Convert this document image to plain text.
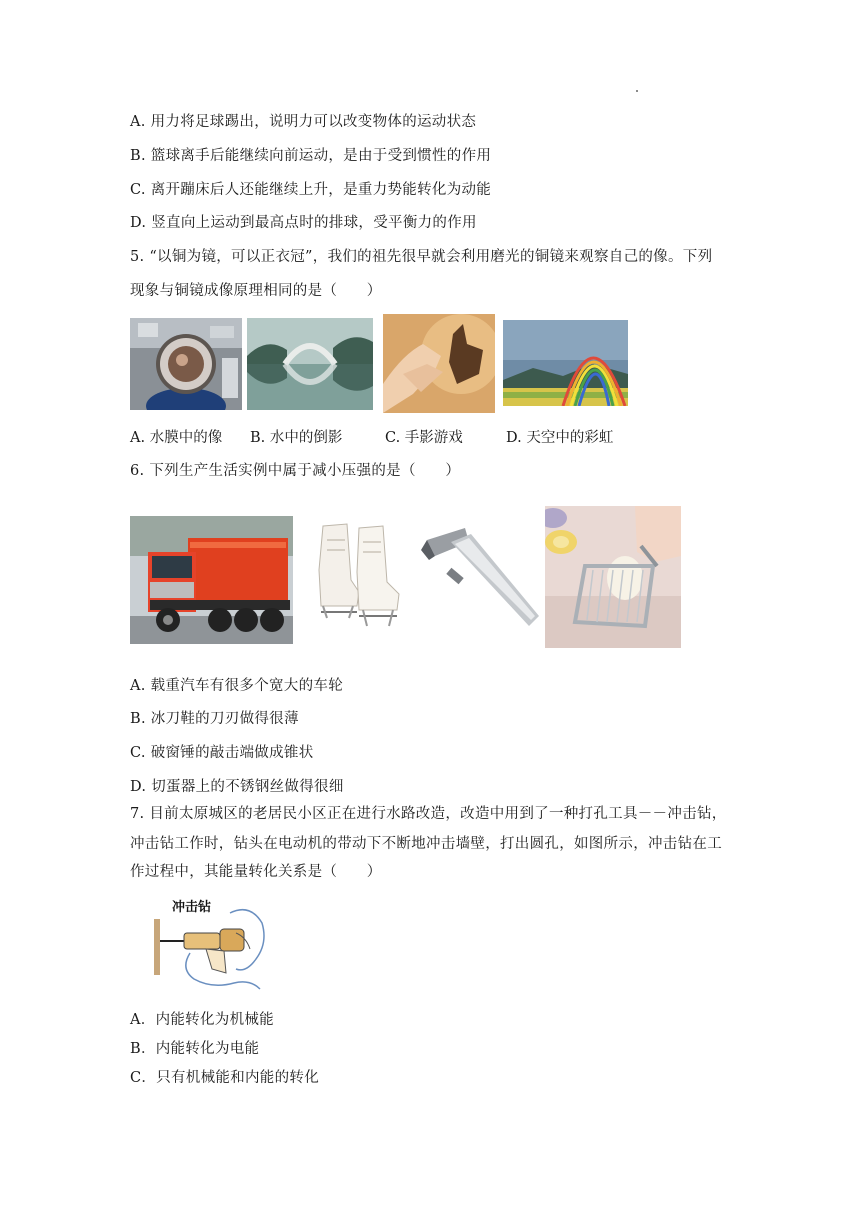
A. 用力将足球踢出，说明力可以改变物体的运动状态
B. 篮球离手后能继续向前运动，是由于受到惯性的作用
C. 离开蹦床后人还能继续上升，是重力势能转化为动能
D. 竖直向上运动到最高点时的排球，受平衡力的作用
5. “以铜为镜，可以正衣冠”，我们的祖先很早就会利用磨光的铜镜来观察自己的像。下列
现象与铜镜成像原理相同的是（　　）
A. 水膜中的像 B. 水中的倒影	C. 手影游戏	D. 天空中的彩虹
6. 下列生产生活实例中属于减小压强的是（　　）
A. 载重汽车有很多个宽大的车轮
B. 冰刀鞋的刀刃做得很薄
C. 破窗锤的敲击端做成锥状
D. 切蛋器上的不锈钢丝做得很细
7. 目前太原城区的老居民小区正在进行水路改造，改造中用到了一种打孔工具－－冲击钻，
冲击钻工作时，钻头在电动机的带动下不断地冲击墙壁，打出圆孔，如图所示，冲击钻在工
作过程中，其能量转化关系是（　　）
冲击钻
A．内能转化为机械能
B．内能转化为电能
C．只有机械能和内能的转化
